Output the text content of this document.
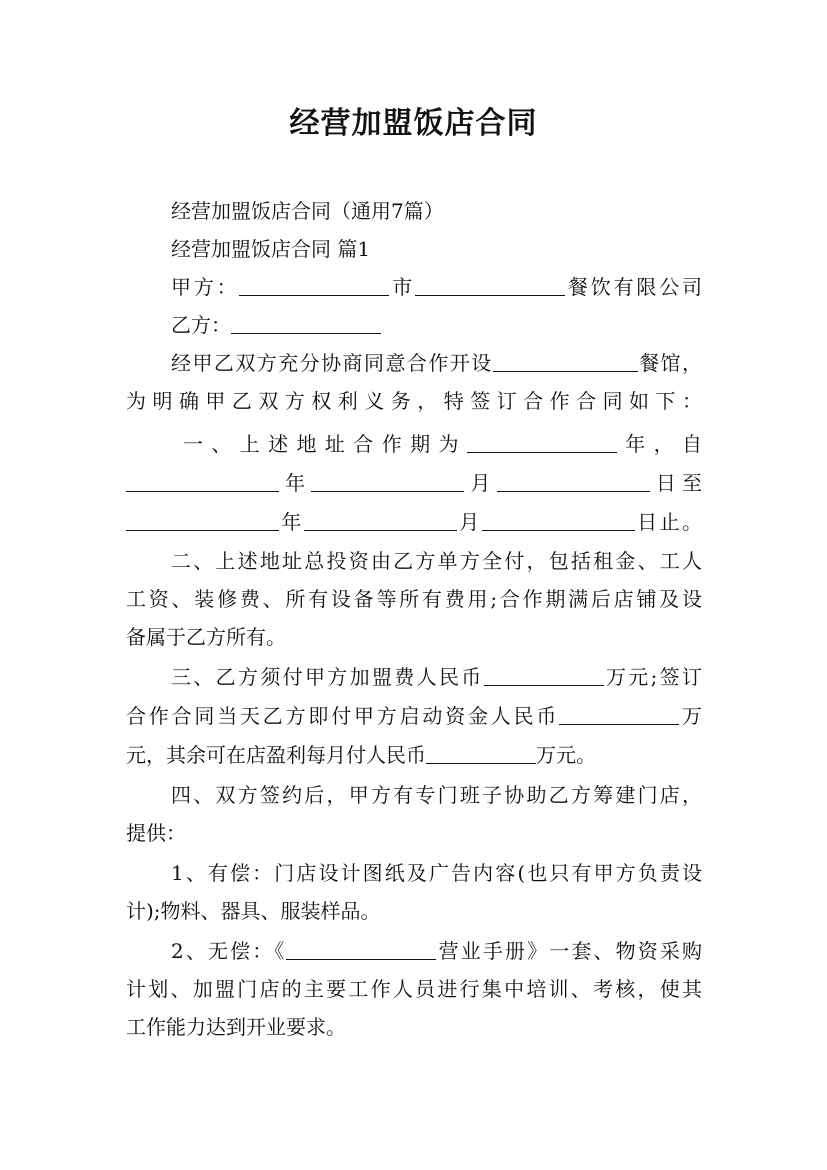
经营加盟饭店合同
经营加盟饭店合同（通用7篇）
经营加盟饭店合同 篇1
甲方：	市	餐饮有限公司
乙方：
经甲乙双方充分协商同意合作开设	餐馆，
为明确甲乙双方权利义务，特签订合作合同如下：
一、上述地址合作期为	年，自
年	月	日至
年	月	日止。
二、上述地址总投资由乙方单方全付，包括租金、工人
工资、装修费、所有设备等所有费用;合作期满后店铺及设
备属于乙方所有。
三、乙方须付甲方加盟费人民币	万元;签订
合作合同当天乙方即付甲方启动资金人民币	万
元，其余可在店盈利每月付人民币	万元。
四、双方签约后，甲方有专门班子协助乙方筹建门店，
提供：
1、有偿：门店设计图纸及广告内容(也只有甲方负责设
计);物料、器具、服装样品。
2、无偿：《	营业手册》一套、物资采购
计划、加盟门店的主要工作人员进行集中培训、考核，使其
工作能力达到开业要求。
